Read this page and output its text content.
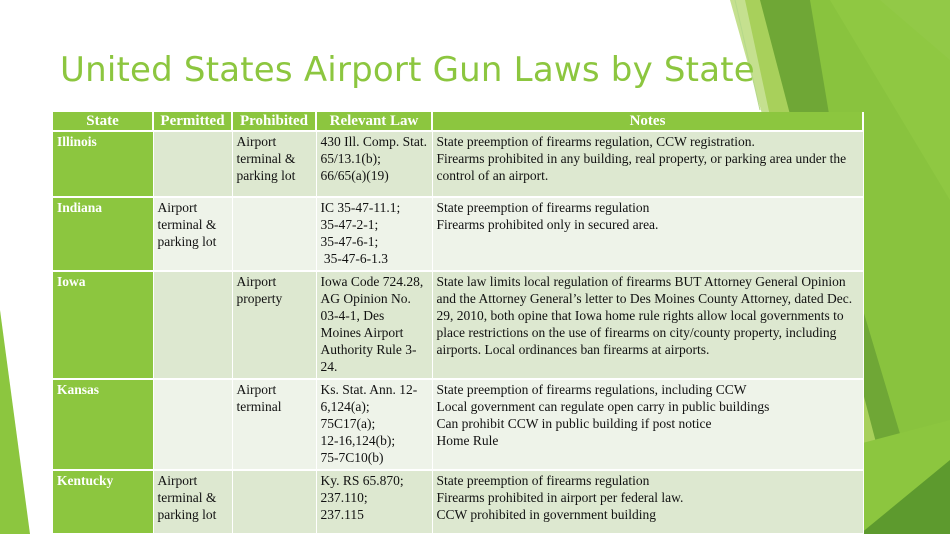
United States Airport Gun Laws by State
State	Permitted	Prohibited	Relevant Law	Notes
Illinois		Airport terminal & parking lot	430 Ill. Comp. Stat.
65/13.1(b);
66/65(a)(19)	State preemption of firearms regulation, CCW registration.
Firearms prohibited in any building, real property, or parking area under the control of an airport.

Indiana	Airport terminal & parking lot		IC 35-47-11.1;
35-47-2-1;
35-47-6-1;
35-47-6-1.3	State preemption of firearms regulation
Firearms prohibited only in secured area.

Iowa		Airport property	Iowa Code 724.28, AG Opinion No. 03-4-1, Des Moines Airport Authority Rule 3-24.	State law limits local regulation of firearms BUT Attorney General Opinion and the Attorney General’s letter to Des Moines County Attorney, dated Dec. 29, 2010, both opine that Iowa home rule rights allow local governments to place restrictions on the use of firearms on city/county property, including airports. Local ordinances ban firearms at airports.

Kansas		Airport terminal	Ks. Stat. Ann. 12-6,124(a);
75C17(a);
12-16,124(b);
75-7C10(b)	State preemption of firearms regulations, including CCW
Local government can regulate open carry in public buildings
Can prohibit CCW in public building if post notice
Home Rule

Kentucky	Airport terminal & parking lot		Ky. RS 65.870;
237.110;
237.115	State preemption of firearms regulation
Firearms prohibited in airport per federal law.
CCW prohibited in government building
